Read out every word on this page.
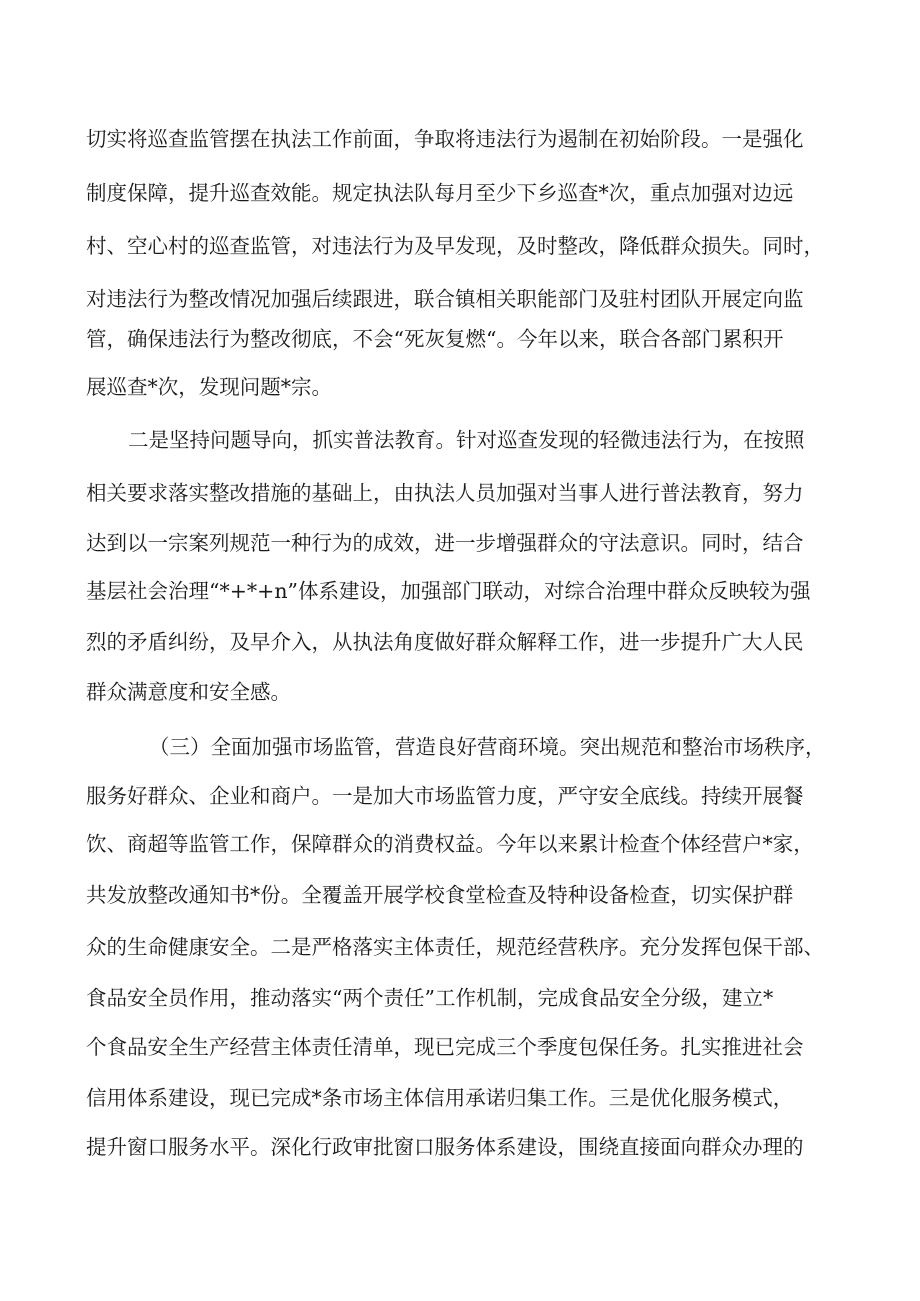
切实将巡查监管摆在执法工作前面，争取将违法行为遏制在初始阶段。一是强化
制度保障，提升巡查效能。规定执法队每月至少下乡巡查*次，重点加强对边远
村、空心村的巡查监管，对违法行为及早发现，及时整改，降低群众损失。同时，
对违法行为整改情况加强后续跟进，联合镇相关职能部门及驻村团队开展定向监
管，确保违法行为整改彻底，不会“死灰复燃“。今年以来，联合各部门累积开
展巡查*次，发现问题*宗。
二是坚持问题导向，抓实普法教育。针对巡查发现的轻微违法行为，在按照
相关要求落实整改措施的基础上，由执法人员加强对当事人进行普法教育，努力
达到以一宗案列规范一种行为的成效，进一步增强群众的守法意识。同时，结合
基层社会治理“*+*+n”体系建设，加强部门联动，对综合治理中群众反映较为强
烈的矛盾纠纷，及早介入，从执法角度做好群众解释工作，进一步提升广大人民
群众满意度和安全感。
（三）全面加强市场监管，营造良好营商环境。突出规范和整治市场秩序，
服务好群众、企业和商户。一是加大市场监管力度，严守安全底线。持续开展餐
饮、商超等监管工作，保障群众的消费权益。今年以来累计检查个体经营户*家，
共发放整改通知书*份。全覆盖开展学校食堂检查及特种设备检查，切实保护群
众的生命健康安全。二是严格落实主体责任，规范经营秩序。充分发挥包保干部、
食品安全员作用，推动落实“两个责任”工作机制，完成食品安全分级，建立*
个食品安全生产经营主体责任清单，现已完成三个季度包保任务。扎实推进社会
信用体系建设，现已完成*条市场主体信用承诺归集工作。三是优化服务模式，
提升窗口服务水平。深化行政审批窗口服务体系建设，围绕直接面向群众办理的
